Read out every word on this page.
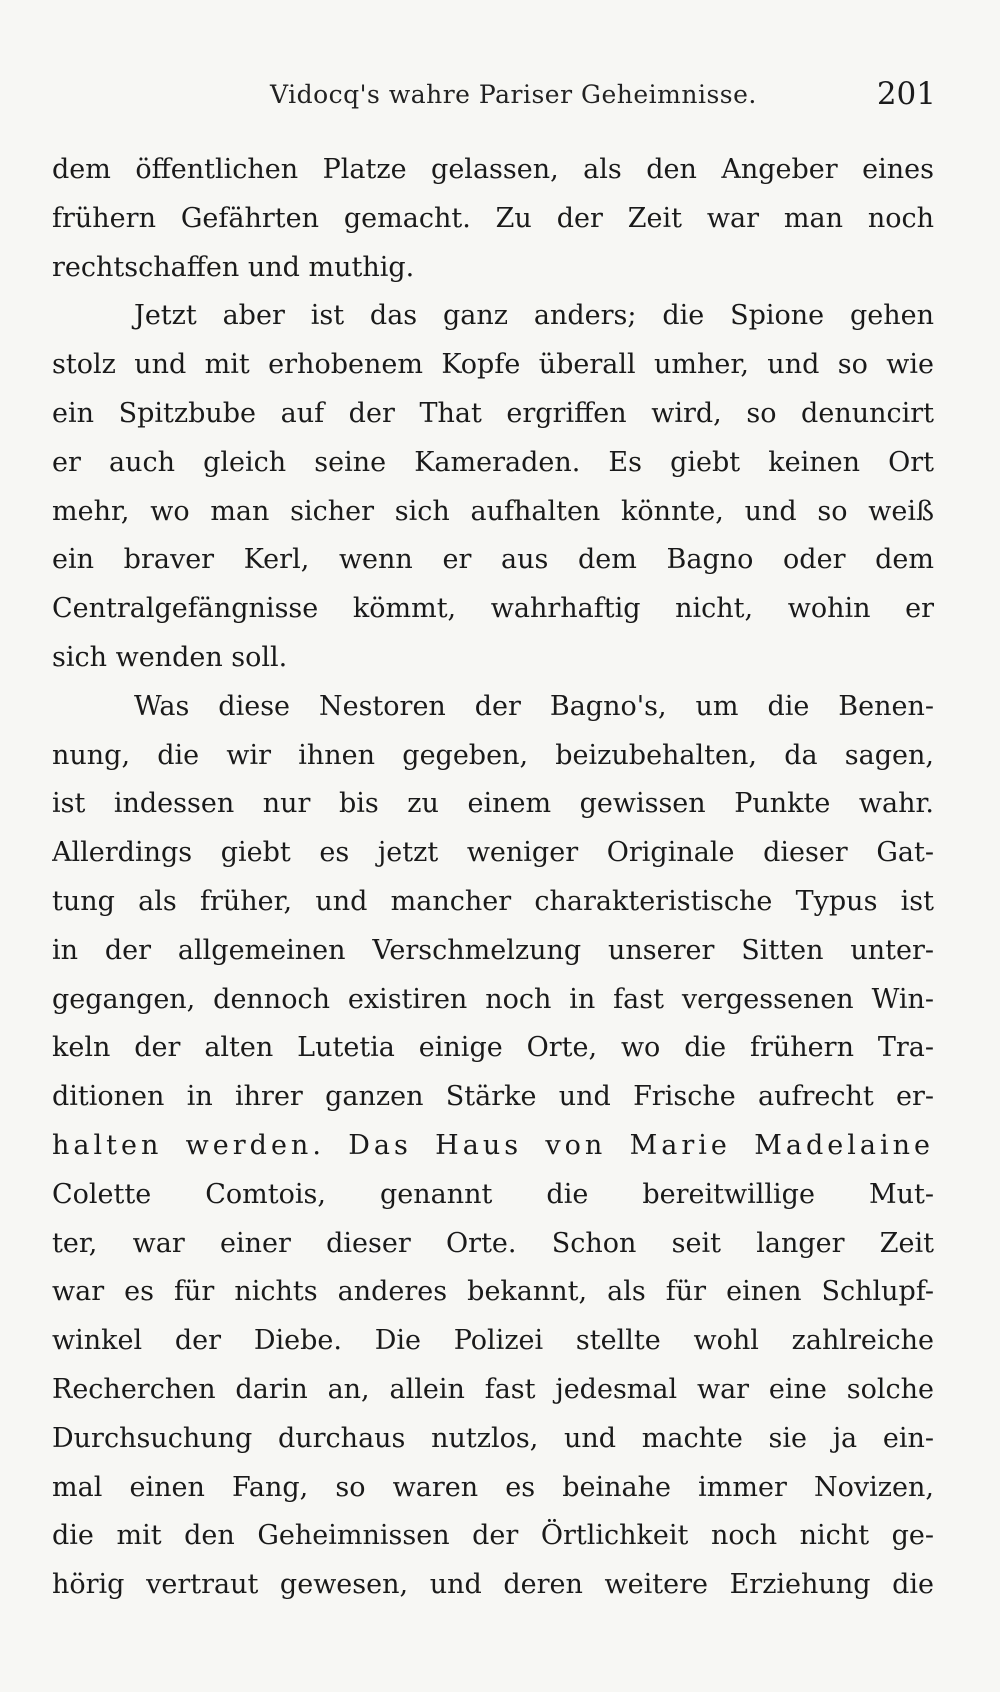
Vidocq's wahre Pariser Geheimnisse.	201
dem öffentlichen Platze gelassen, als den Angeber eines
frühern Gefährten gemacht. Zu der Zeit war man noch
rechtschaffen und muthig.
Jetzt aber ist das ganz anders; die Spione gehen
stolz und mit erhobenem Kopfe überall umher, und so wie
ein Spitzbube auf der That ergriffen wird, so denuncirt
er auch gleich seine Kameraden. Es giebt keinen Ort
mehr, wo man sicher sich aufhalten könnte, und so weiß
ein braver Kerl, wenn er aus dem Bagno oder dem
Centralgefängnisse kömmt, wahrhaftig nicht, wohin er
sich wenden soll.
Was diese Nestoren der Bagno's, um die Benen-
nung, die wir ihnen gegeben, beizubehalten, da sagen,
ist indessen nur bis zu einem gewissen Punkte wahr.
Allerdings giebt es jetzt weniger Originale dieser Gat-
tung als früher, und mancher charakteristische Typus ist
in der allgemeinen Verschmelzung unserer Sitten unter-
gegangen, dennoch existiren noch in fast vergessenen Win-
keln der alten Lutetia einige Orte, wo die frühern Tra-
ditionen in ihrer ganzen Stärke und Frische aufrecht er-
halten werden. Das Haus von Marie Madelaine
Colette Comtois, genannt die bereitwillige Mut-
ter, war einer dieser Orte. Schon seit langer Zeit
war es für nichts anderes bekannt, als für einen Schlupf-
winkel der Diebe. Die Polizei stellte wohl zahlreiche
Recherchen darin an, allein fast jedesmal war eine solche
Durchsuchung durchaus nutzlos, und machte sie ja ein-
mal einen Fang, so waren es beinahe immer Novizen,
die mit den Geheimnissen der Örtlichkeit noch nicht ge-
hörig vertraut gewesen, und deren weitere Erziehung die
